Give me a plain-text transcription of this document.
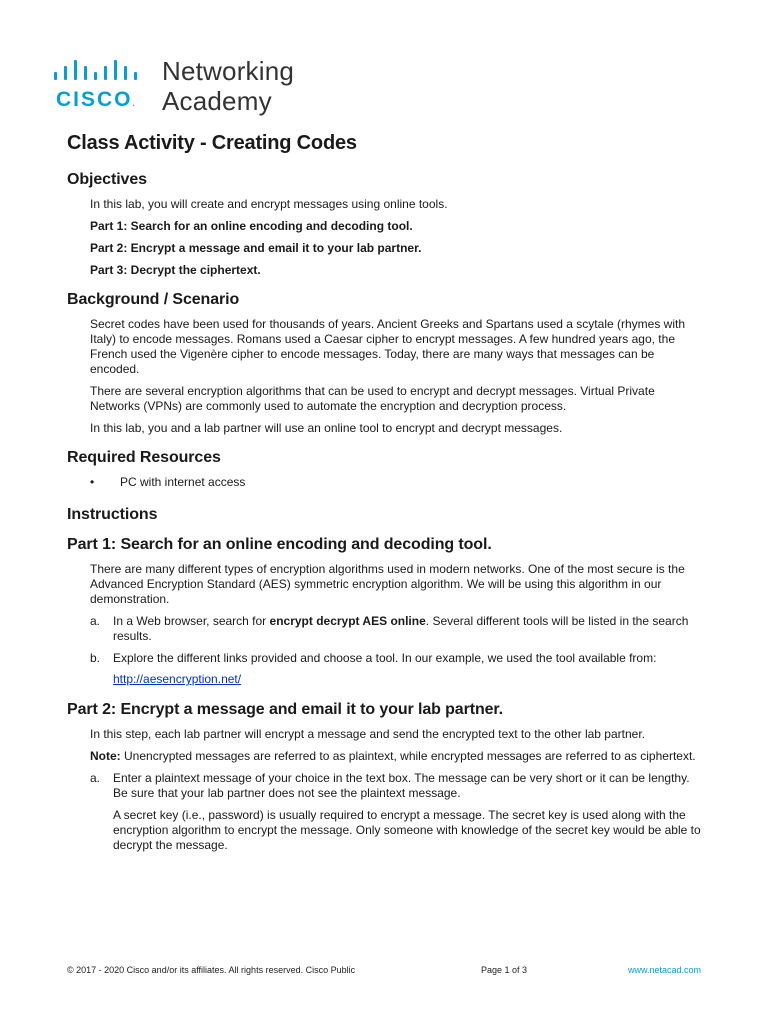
CISCO.
Networking
Academy
Class Activity - Creating Codes
Objectives

In this lab, you will create and encrypt messages using online tools.

Part 1: Search for an online encoding and decoding tool.

Part 2: Encrypt a message and email it to your lab partner.

Part 3: Decrypt the ciphertext.

Background / Scenario

Secret codes have been used for thousands of years. Ancient Greeks and Spartans used a scytale (rhymes with Italy) to encode messages. Romans used a Caesar cipher to encrypt messages. A few hundred years ago, the French used the Vigenère cipher to encode messages. Today, there are many ways that messages can be encoded.

There are several encryption algorithms that can be used to encrypt and decrypt messages. Virtual Private Networks (VPNs) are commonly used to automate the encryption and decryption process.

In this lab, you and a lab partner will use an online tool to encrypt and decrypt messages.

Required Resources
•	PC with internet access
Instructions
Part 1: Search for an online encoding and decoding tool.

There are many different types of encryption algorithms used in modern networks. One of the most secure is the Advanced Encryption Standard (AES) symmetric encryption algorithm. We will be using this algorithm in our demonstration.

a.	In a Web browser, search for encrypt decrypt AES online. Several different tools will be listed in the search results.
b.	Explore the different links provided and choose a tool. In our example, we used the tool available from:
http://aesencryption.net/
Part 2: Encrypt a message and email it to your lab partner.

In this step, each lab partner will encrypt a message and send the encrypted text to the other lab partner.

Note: Unencrypted messages are referred to as plaintext, while encrypted messages are referred to as ciphertext.

a.	Enter a plaintext message of your choice in the text box. The message can be very short or it can be lengthy. Be sure that your lab partner does not see the plaintext message.
A secret key (i.e., password) is usually required to encrypt a message. The secret key is used along with the encryption algorithm to encrypt the message. Only someone with knowledge of the secret key would be able to decrypt the message.
© 2017 - 2020 Cisco and/or its affiliates. All rights reserved. Cisco Public	Page 1 of 3	www.netacad.com
